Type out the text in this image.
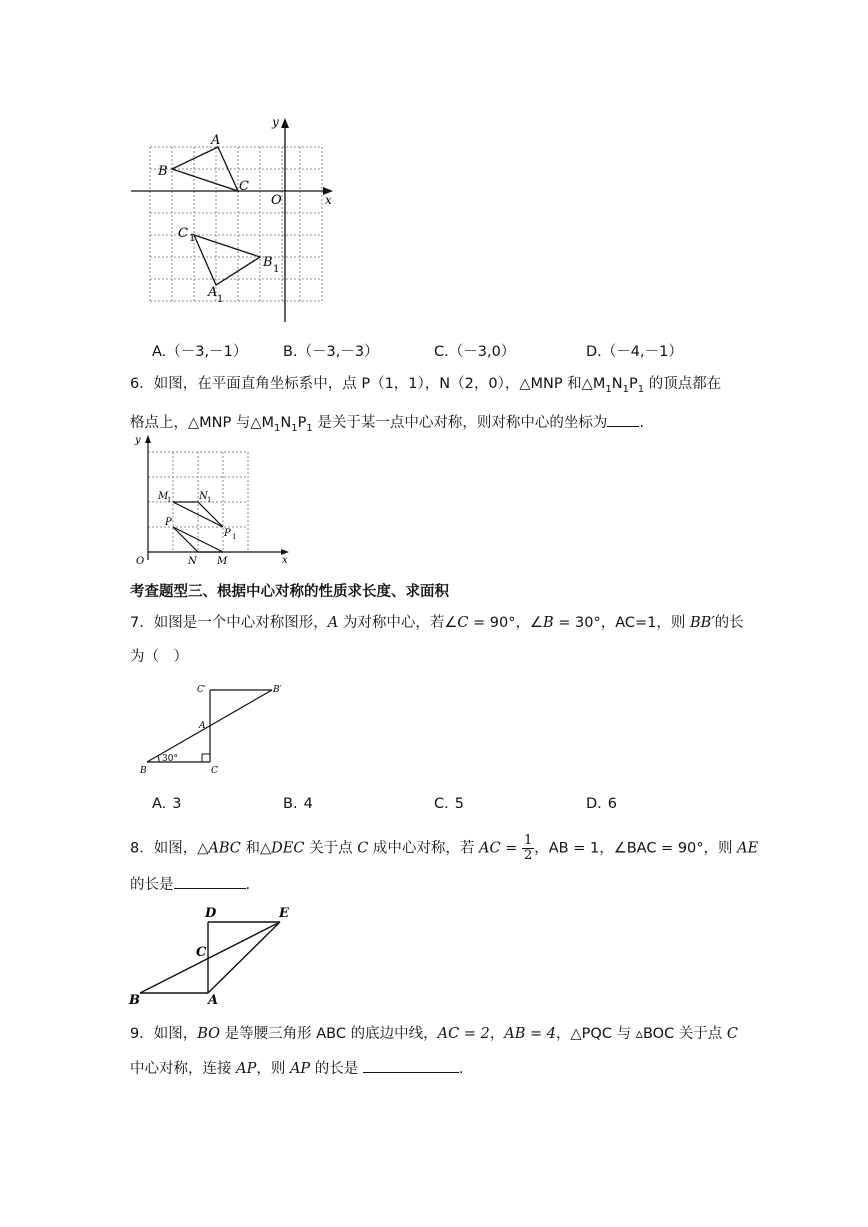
A
B
C
O	x
y
C 1
B 1
A 1
A.（－3,－1） B.（－3,－3）	C.（－3,0）	D.（－4,－1）
6．如图，在平面直角坐标系中，点 P（1，1），N（2，0），△MNP 和$\triangle M_1N_1P_1$ 的顶点都在
格点上，△MNP 与$\triangle M_1N_1P_1$ 是关于某一点中心对称，则对称中心的坐标为 .
y
x
O	N M
P
M
1	N 1
P 1
考查题型三、根据中心对称的性质求长度、求面积
7．如图是一个中心对称图形，A 为对称中心，若∠C = 90°，∠B = 30°，AC=1，则 BB′的长
为（　）
30°
C′	B′
A
B	C
A. 3	B. 4	C. 5	D. 6
8．如图，△ABC 和△DEC 关于点 C 成中心对称，若 AC = $\frac{1}{2}$ ，AB = 1，∠BAC = 90°，则 AE
的长是	.
D	E
C
B	A
9．如图，BO 是等腰三角形 ABC 的底边中线，AC = 2，AB = 4，△PQC 与 ▵BOC 关于点 C
中心对称，连接 AP，则 AP 的长是	.
